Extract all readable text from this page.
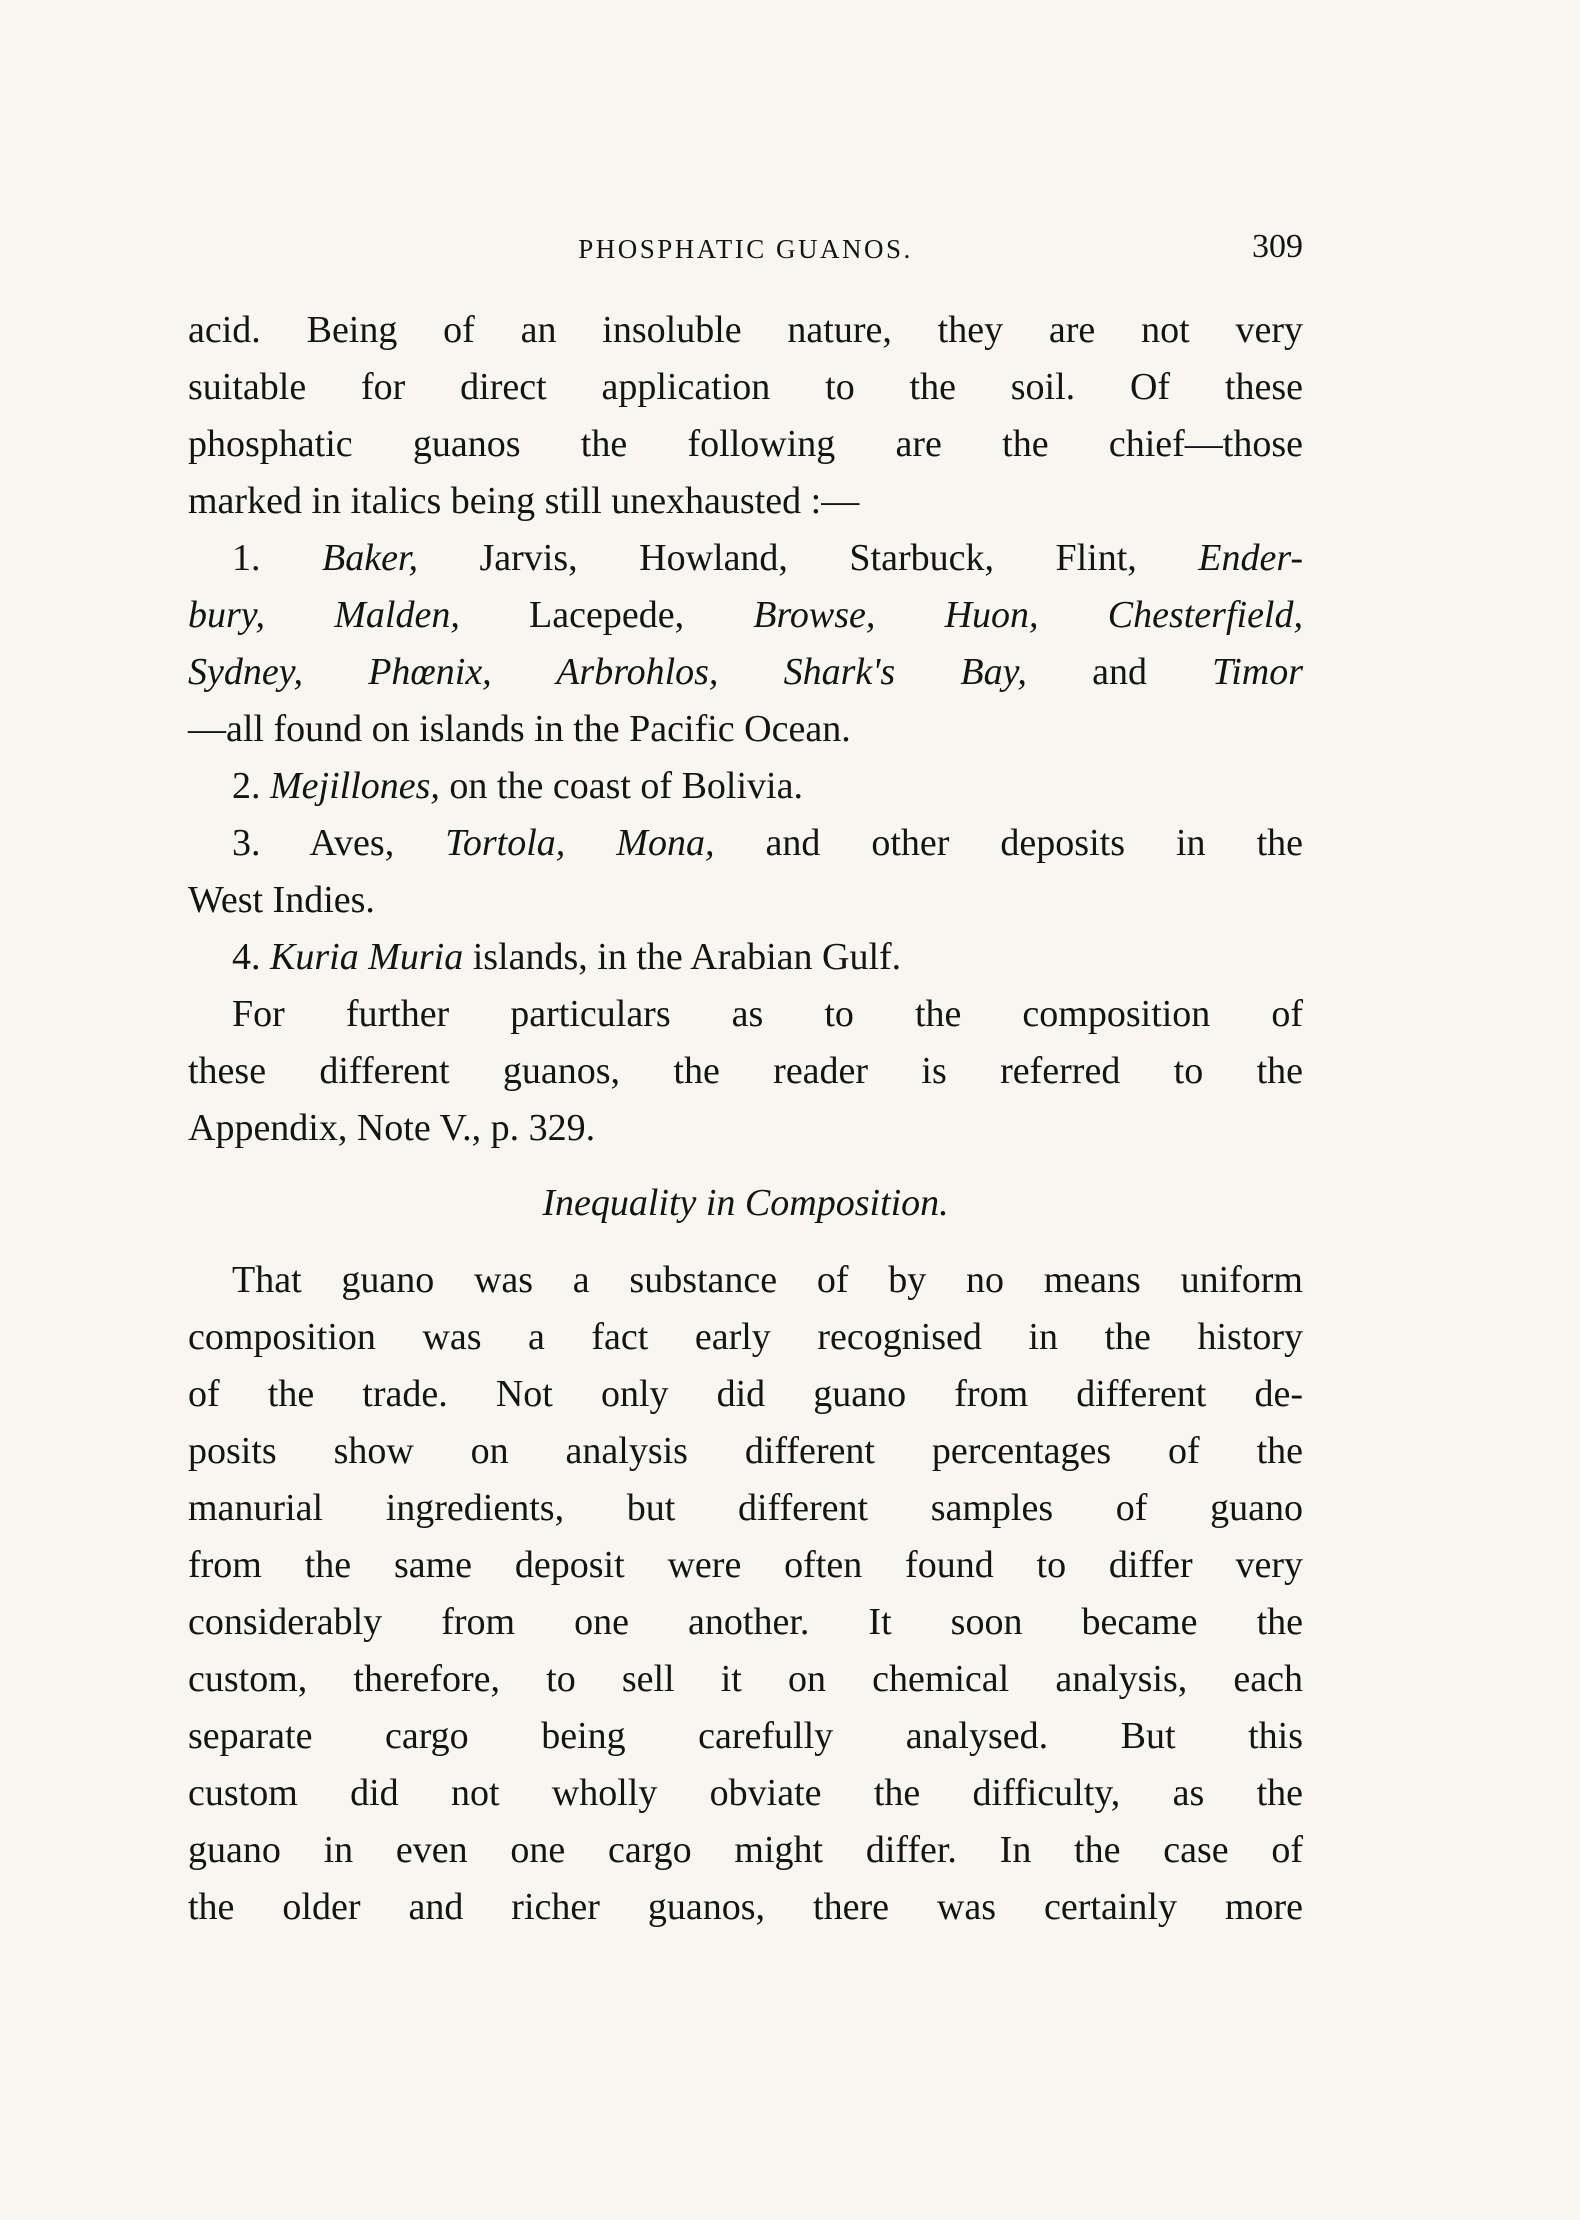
PHOSPHATIC GUANOS.	309
acid. Being of an insoluble nature, they are not very
suitable for direct application to the soil. Of these
phosphatic guanos the following are the chief—those
marked in italics being still unexhausted :—
1. Baker, Jarvis, Howland, Starbuck, Flint, Ender-
bury, Malden, Lacepede, Browse, Huon, Chesterfield,
Sydney, Phœnix, Arbrohlos, Shark's Bay, and Timor
—all found on islands in the Pacific Ocean.
2. Mejillones, on the coast of Bolivia.
3. Aves, Tortola, Mona, and other deposits in the
West Indies.
4. Kuria Muria islands, in the Arabian Gulf.
For further particulars as to the composition of
these different guanos, the reader is referred to the
Appendix, Note V., p. 329.
Inequality in Composition.
That guano was a substance of by no means uniform
composition was a fact early recognised in the history
of the trade. Not only did guano from different de-
posits show on analysis different percentages of the
manurial ingredients, but different samples of guano
from the same deposit were often found to differ very
considerably from one another. It soon became the
custom, therefore, to sell it on chemical analysis, each
separate cargo being carefully analysed. But this
custom did not wholly obviate the difficulty, as the
guano in even one cargo might differ. In the case of
the older and richer guanos, there was certainly more
